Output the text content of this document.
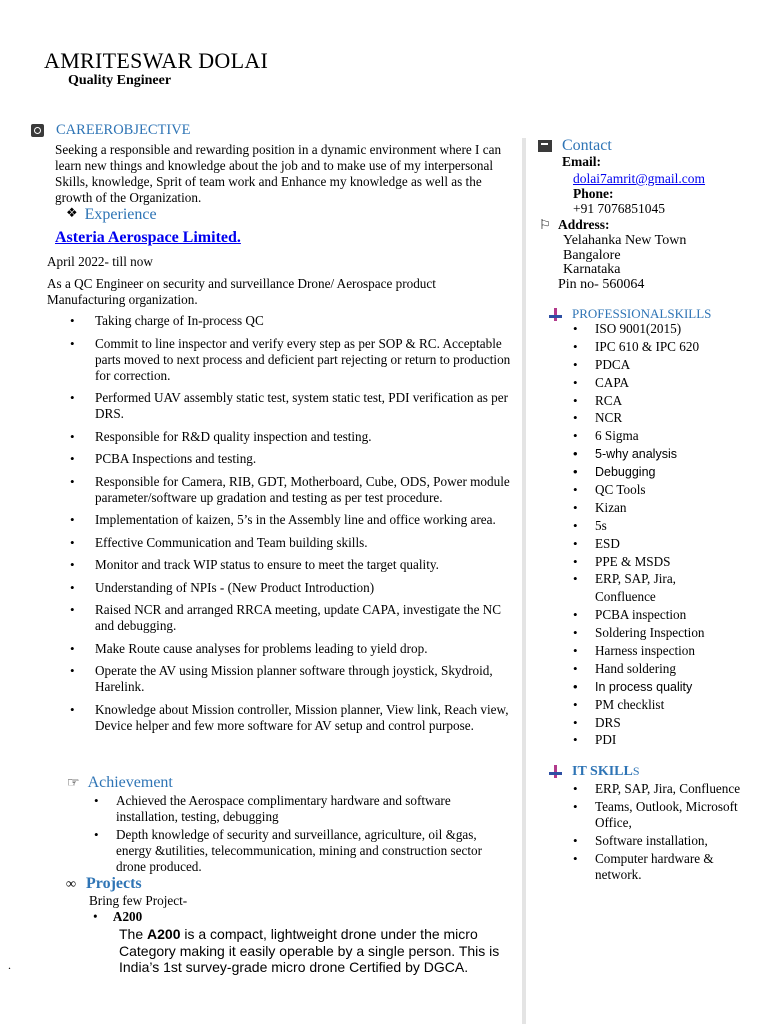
AMRITESWAR DOLAI
Quality Engineer
CAREEROBJECTIVE
Seeking a responsible and rewarding position in a dynamic environment where I can learn new things and knowledge about the job and to make use of my interpersonal Skills, knowledge, Sprit of team work and Enhance my knowledge as well as the growth of the Organization.
❖ Experience
Asteria Aerospace Limited.
April 2022- till now
As a QC Engineer on security and surveillance Drone/ Aerospace product Manufacturing organization.
• Taking charge of In-process QC
• Commit to line inspector and verify every step as per SOP & RC. Acceptable parts moved to next process and deficient part rejecting or return to production for correction.
• Performed UAV assembly static test, system static test, PDI verification as per DRS.
• Responsible for R&D quality inspection and testing.
• PCBA Inspections and testing.
• Responsible for Camera, RIB, GDT, Motherboard, Cube, ODS, Power module parameter/software up gradation and testing as per test procedure.
• Implementation of kaizen, 5’s in the Assembly line and office working area.
• Effective Communication and Team building skills.
• Monitor and track WIP status to ensure to meet the target quality.
• Understanding of NPIs - (New Product Introduction)
• Raised NCR and arranged RRCA meeting, update CAPA, investigate the NC and debugging.
• Make Route cause analyses for problems leading to yield drop.
• Operate the AV using Mission planner software through joystick, Skydroid, Harelink.
• Knowledge about Mission controller, Mission planner, View link, Reach view, Device helper and few more software for AV setup and control purpose.
☞ Achievement
• Achieved the Aerospace complimentary hardware and software installation, testing, debugging
• Depth knowledge of security and surveillance, agriculture, oil &gas, energy &utilities, telecommunication, mining and construction sector drone produced.
∞ Projects
Bring few Project-
• A200
The A200 is a compact, lightweight drone under the micro Category making it easily operable by a single person. This is India’s 1st survey-grade micro drone Certified by DGCA.
.
Contact
Email:
dolai7amrit@gmail.com
Phone:
+91 7076851045
⚐ Address:
Yelahanka New Town
Bangalore
Karnataka
Pin no- 560064
PROFESSIONALSKILLS
• ISO 9001(2015)
• IPC 610 & IPC 620
• PDCA
• CAPA
• RCA
• NCR
• 6 Sigma
• 5-why analysis
• Debugging
• QC Tools
• Kizan
• 5s
• ESD
• PPE & MSDS
• ERP, SAP, Jira,
Confluence
• PCBA inspection
• Soldering Inspection
• Harness inspection
• Hand soldering
• In process quality
• PM checklist
• DRS
• PDI
IT SKILLS
• ERP, SAP, Jira, Confluence
• Teams, Outlook, Microsoft Office,
• Software installation,
• Computer hardware & network.
